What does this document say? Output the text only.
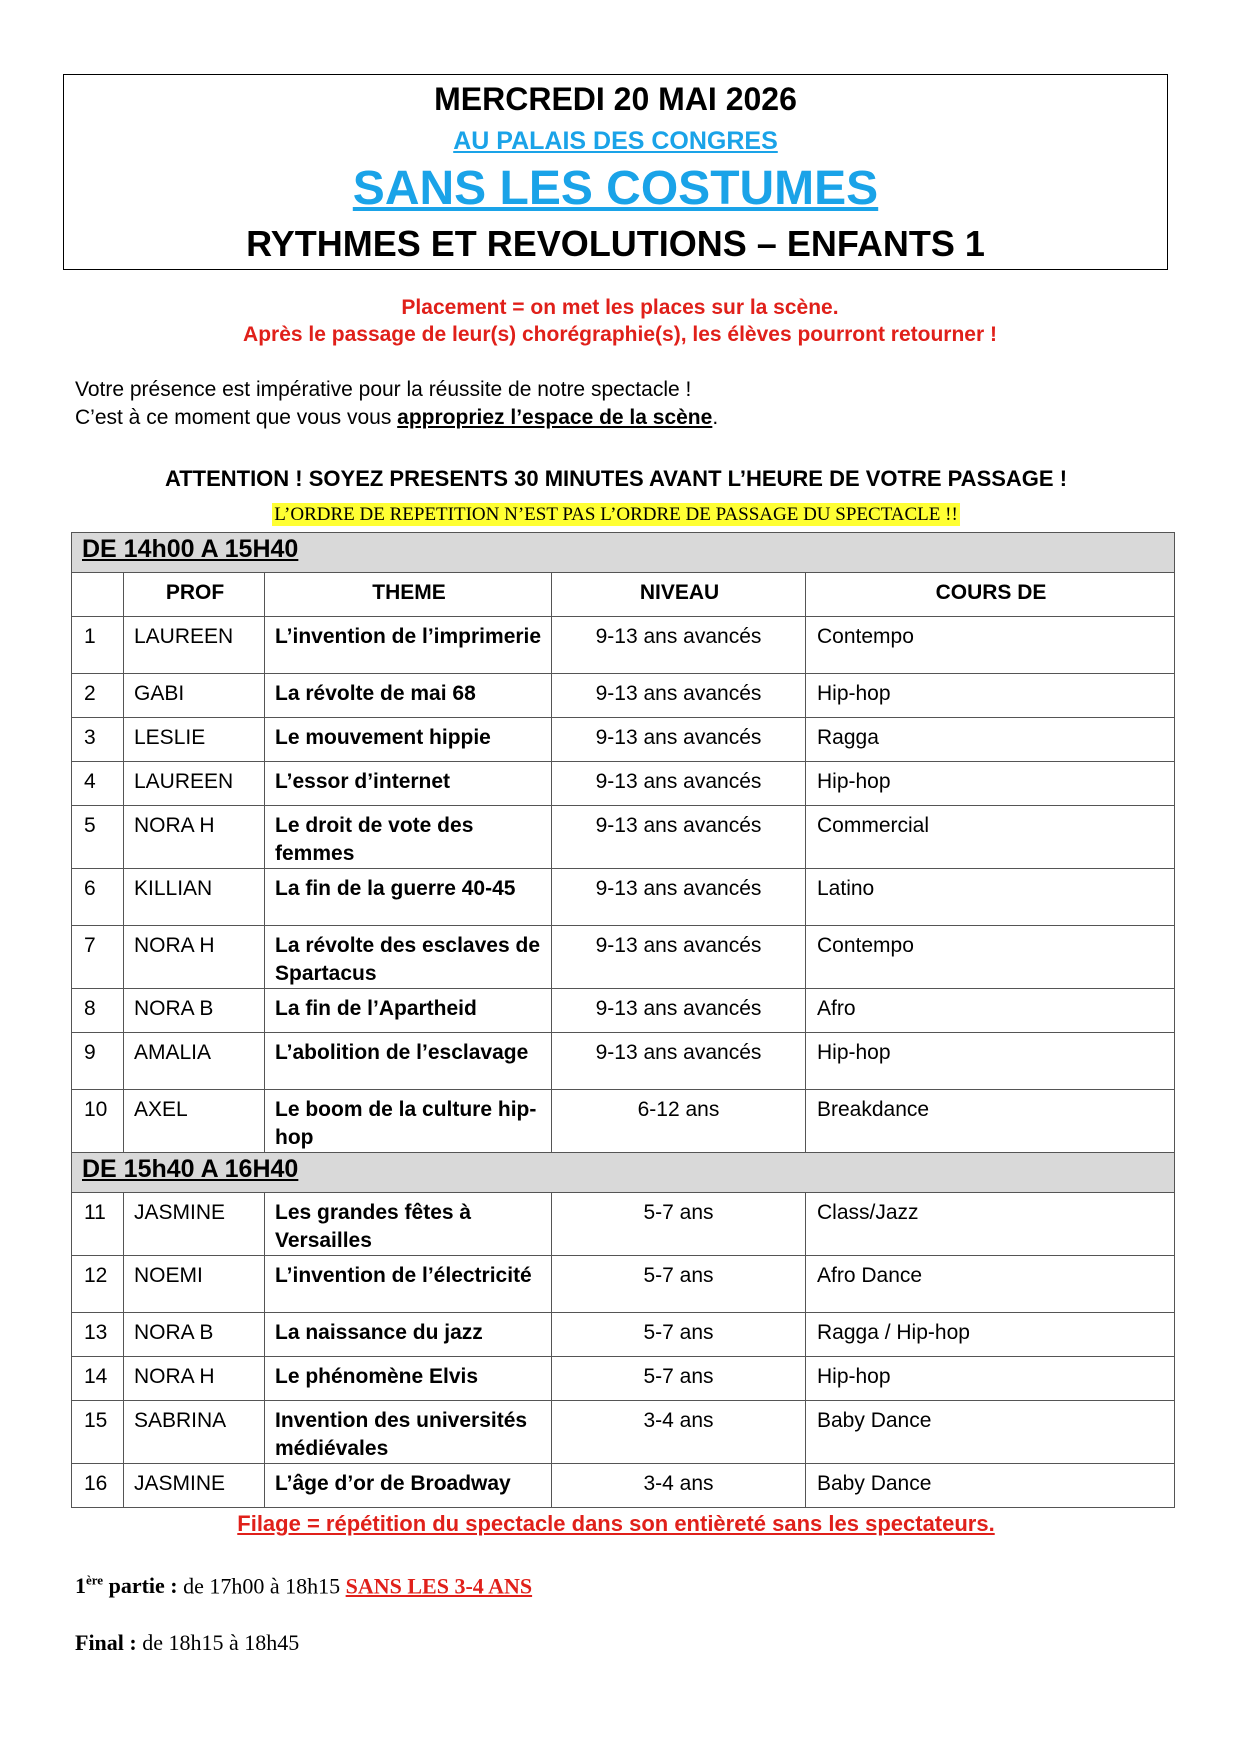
MERCREDI 20 MAI 2026
AU PALAIS DES CONGRES
SANS LES COSTUMES
RYTHMES ET REVOLUTIONS – ENFANTS 1
Placement = on met les places sur la scène.
Après le passage de leur(s) chorégraphie(s), les élèves pourront retourner !
Votre présence est impérative pour la réussite de notre spectacle !
C’est à ce moment que vous vous appropriez l’espace de la scène.
ATTENTION ! SOYEZ PRESENTS 30 MINUTES AVANT L’HEURE DE VOTRE PASSAGE !
L’ORDRE DE REPETITION N’EST PAS L’ORDRE DE PASSAGE DU SPECTACLE !!
DE 14h00 A 15H40				
	PROF	THEME	NIVEAU	COURS DE
1	LAUREEN	L’invention de l’imprimerie	9-13 ans avancés	Contempo
2	GABI	La révolte de mai 68	9-13 ans avancés	Hip-hop
3	LESLIE	Le mouvement hippie	9-13 ans avancés	Ragga
4	LAUREEN	L’essor d’internet	9-13 ans avancés	Hip-hop
5	NORA H	Le droit de vote des femmes	9-13 ans avancés	Commercial
6	KILLIAN	La fin de la guerre 40-45	9-13 ans avancés	Latino
7	NORA H	La révolte des esclaves de Spartacus	9-13 ans avancés	Contempo
8	NORA B	La fin de l’Apartheid	9-13 ans avancés	Afro
9	AMALIA	L’abolition de l’esclavage	9-13 ans avancés	Hip-hop
10	AXEL	Le boom de la culture hip-hop	6-12 ans	Breakdance
DE 15h40 A 16H40				
11	JASMINE	Les grandes fêtes à Versailles	5-7 ans	Class/Jazz
12	NOEMI	L’invention de l’électricité	5-7 ans	Afro Dance
13	NORA B	La naissance du jazz	5-7 ans	Ragga / Hip-hop
14	NORA H	Le phénomène Elvis	5-7 ans	Hip-hop
15	SABRINA	Invention des universités médiévales	3-4 ans	Baby Dance
16	JASMINE	L’âge d’or de Broadway	3-4 ans	Baby Dance
Filage = répétition du spectacle dans son entièreté sans les spectateurs.
1ère partie : de 17h00 à 18h15 SANS LES 3-4 ANS
Final : de 18h15 à 18h45
